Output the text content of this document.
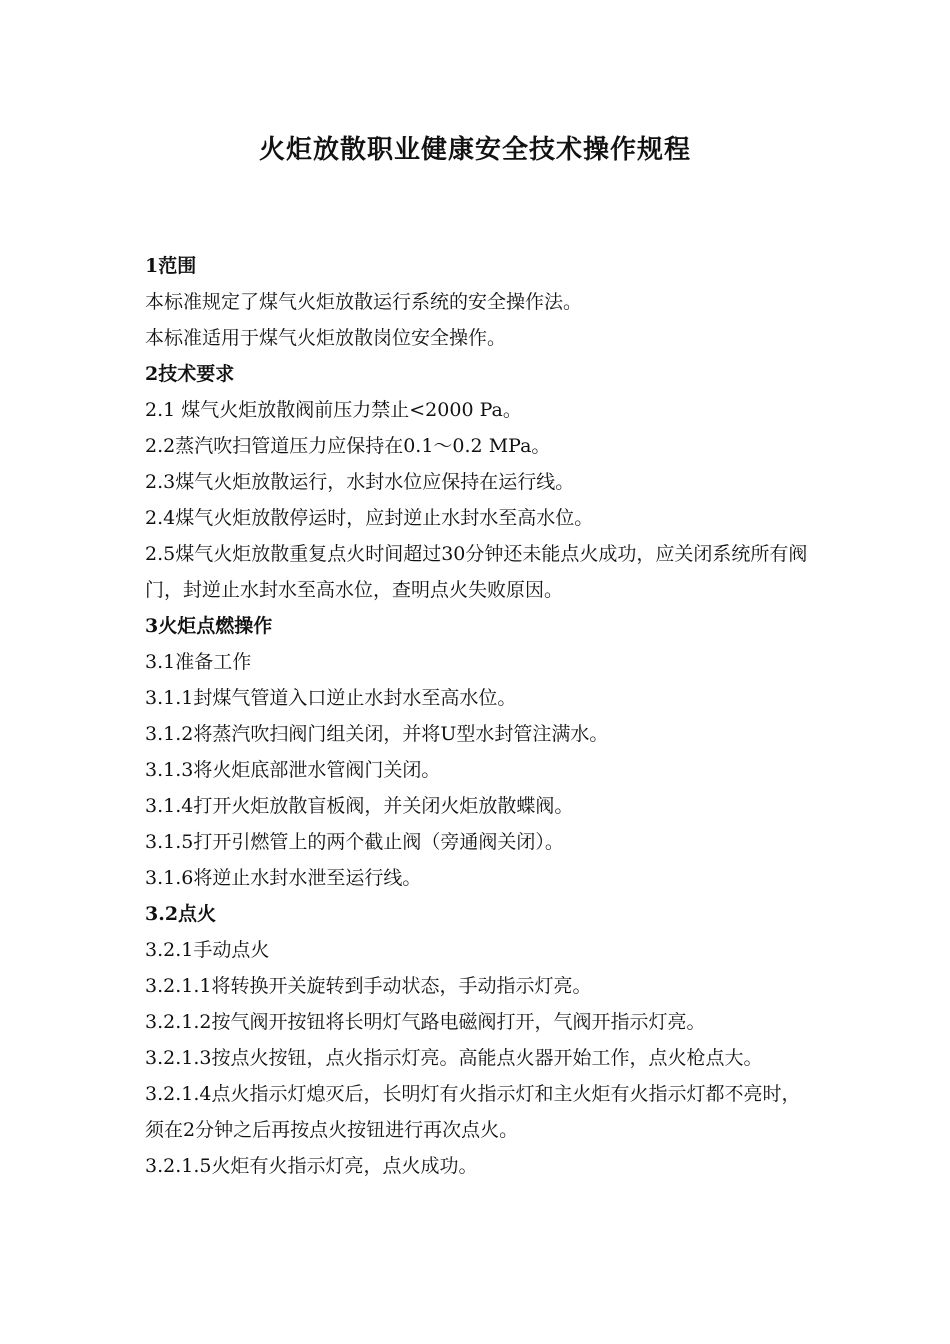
火炬放散职业健康安全技术操作规程

1范围

本标准规定了煤气火炬放散运行系统的安全操作法。

本标准适用于煤气火炬放散岗位安全操作。

2技术要求

2.1 煤气火炬放散阀前压力禁止<2000 Pa。

2.2蒸汽吹扫管道压力应保持在0.1～0.2 MPa。

2.3煤气火炬放散运行，水封水位应保持在运行线。

2.4煤气火炬放散停运时，应封逆止水封水至高水位。

2.5煤气火炬放散重复点火时间超过30分钟还未能点火成功，应关闭系统所有阀门，封逆止水封水至高水位，查明点火失败原因。

3火炬点燃操作

3.1准备工作

3.1.1封煤气管道入口逆止水封水至高水位。

3.1.2将蒸汽吹扫阀门组关闭，并将U型水封管注满水。

3.1.3将火炬底部泄水管阀门关闭。

3.1.4打开火炬放散盲板阀，并关闭火炬放散蝶阀。

3.1.5打开引燃管上的两个截止阀（旁通阀关闭）。

3.1.6将逆止水封水泄至运行线。

3.2点火

3.2.1手动点火

3.2.1.1将转换开关旋转到手动状态，手动指示灯亮。

3.2.1.2按气阀开按钮将长明灯气路电磁阀打开，气阀开指示灯亮。

3.2.1.3按点火按钮，点火指示灯亮。高能点火器开始工作，点火枪点大。

3.2.1.4点火指示灯熄灭后，长明灯有火指示灯和主火炬有火指示灯都不亮时，须在2分钟之后再按点火按钮进行再次点火。

3.2.1.5火炬有火指示灯亮，点火成功。
